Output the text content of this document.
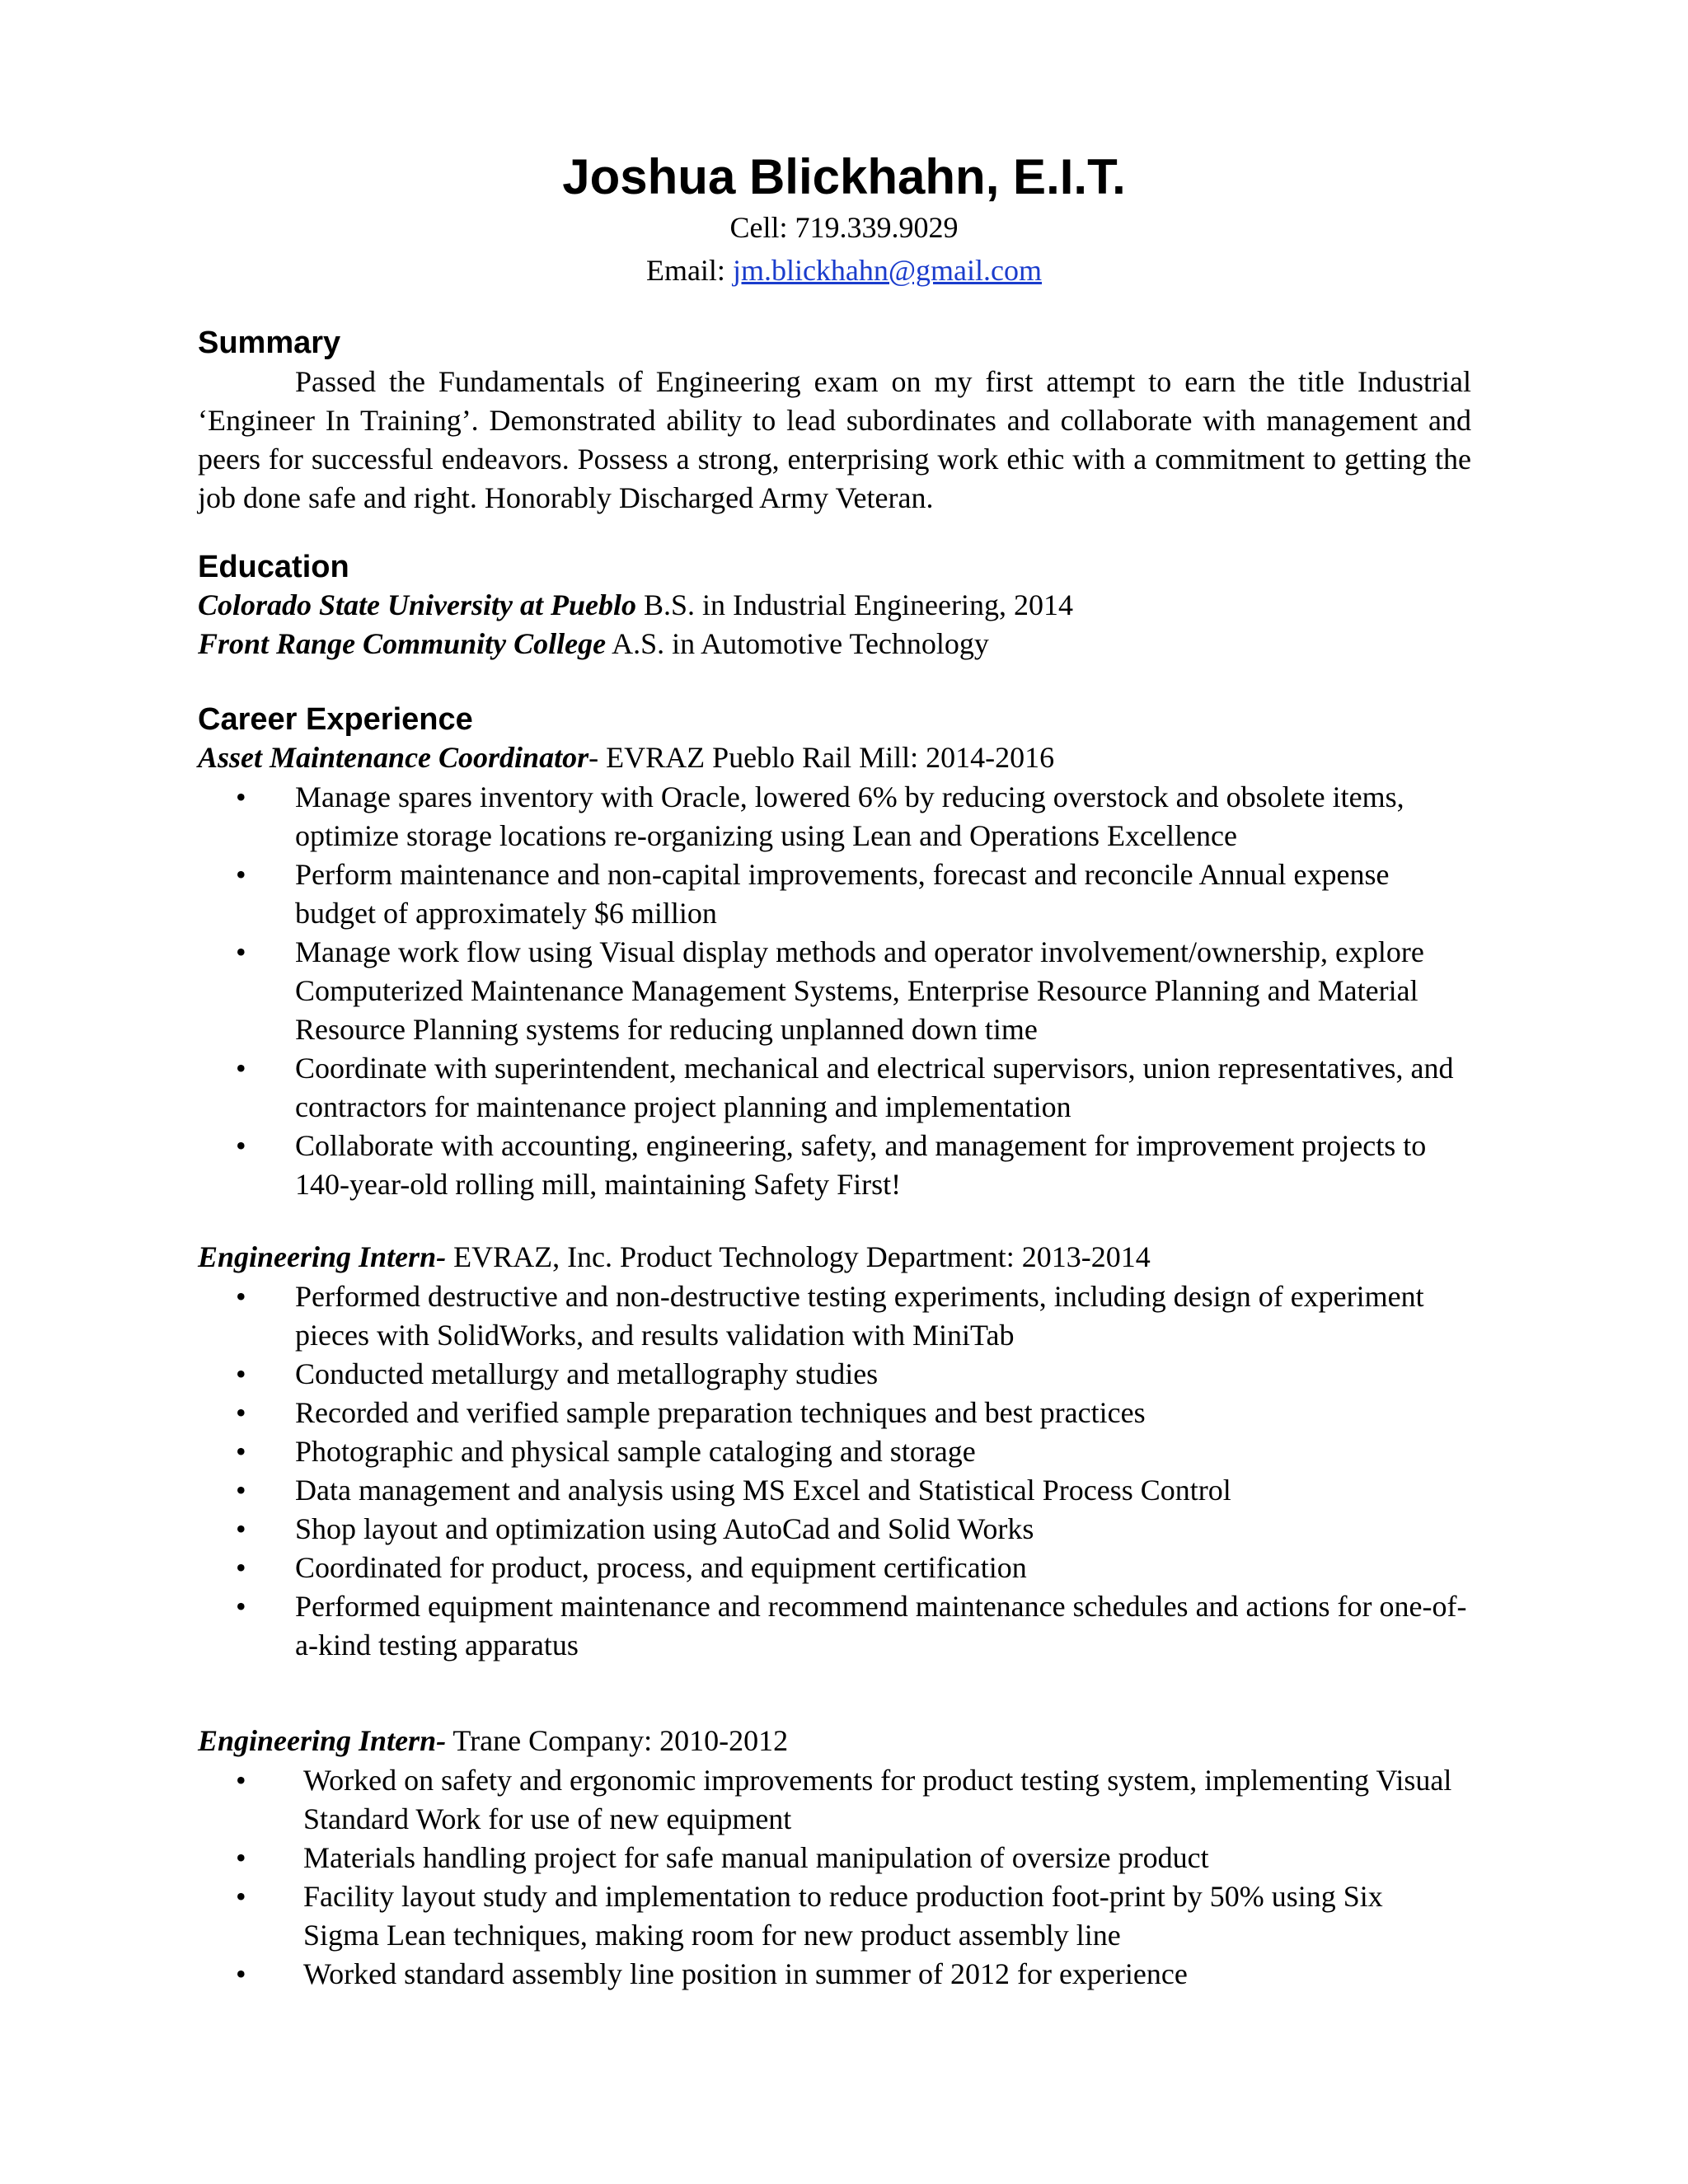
Joshua Blickhahn, E.I.T.
Cell: 719.339.9029
Email: jm.blickhahn@gmail.com
Summary
Passed the Fundamentals of Engineering exam on my first attempt to earn the title Industrial ‘Engineer In Training’. Demonstrated ability to lead subordinates and collaborate with management and peers for successful endeavors. Possess a strong, enterprising work ethic with a commitment to getting the job done safe and right. Honorably Discharged Army Veteran.
Education
Colorado State University at Pueblo B.S. in Industrial Engineering, 2014
Front Range Community College A.S. in Automotive Technology
Career Experience
Asset Maintenance Coordinator- EVRAZ Pueblo Rail Mill: 2014-2016
• Manage spares inventory with Oracle, lowered 6% by reducing overstock and obsolete items, optimize storage locations re-organizing using Lean and Operations Excellence
• Perform maintenance and non-capital improvements, forecast and reconcile Annual expense budget of approximately $6 million
• Manage work flow using Visual display methods and operator involvement/ownership, explore Computerized Maintenance Management Systems, Enterprise Resource Planning and Material Resource Planning systems for reducing unplanned down time
• Coordinate with superintendent, mechanical and electrical supervisors, union representatives, and contractors for maintenance project planning and implementation
• Collaborate with accounting, engineering, safety, and management for improvement projects to 140-year-old rolling mill, maintaining Safety First!
Engineering Intern- EVRAZ, Inc. Product Technology Department: 2013-2014
• Performed destructive and non-destructive testing experiments, including design of experiment pieces with SolidWorks, and results validation with MiniTab
• Conducted metallurgy and metallography studies
• Recorded and verified sample preparation techniques and best practices
• Photographic and physical sample cataloging and storage
• Data management and analysis using MS Excel and Statistical Process Control
• Shop layout and optimization using AutoCad and Solid Works
• Coordinated for product, process, and equipment certification
• Performed equipment maintenance and recommend maintenance schedules and actions for one-of-a-kind testing apparatus
Engineering Intern- Trane Company: 2010-2012
• Worked on safety and ergonomic improvements for product testing system, implementing Visual Standard Work for use of new equipment
• Materials handling project for safe manual manipulation of oversize product
• Facility layout study and implementation to reduce production foot-print by 50% using Six Sigma Lean techniques, making room for new product assembly line
• Worked standard assembly line position in summer of 2012 for experience
